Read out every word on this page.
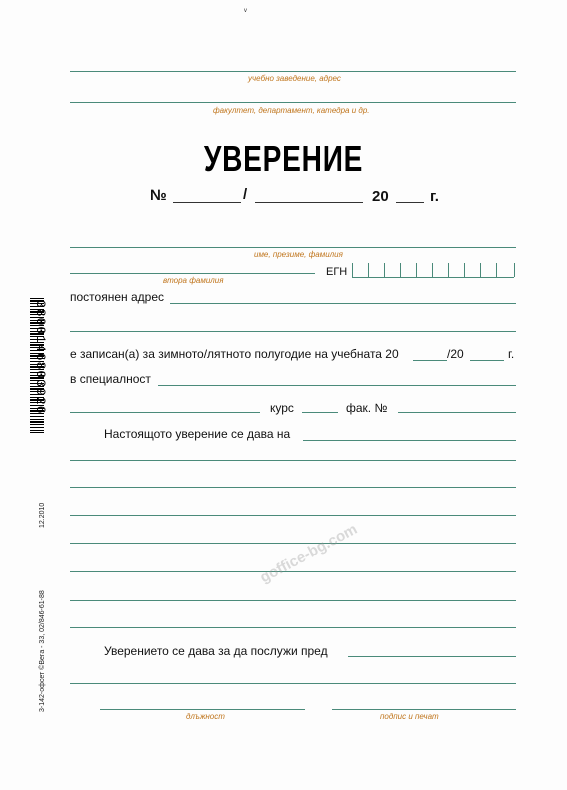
ᵛ
учебно заведение, адрес
факултет, департамент, катедра и др.
УВЕРЕНИЕ
№	/	20	г.
име, презиме, фамилия
втора фамилия
ЕГН
постоянен адрес
е записан(а) за зимното/лятното полугодие на учебната 20	/20	г.
в специалност
курс	фак. №
Настоящото уверение се дава на
Уверението се дава за да послужи пред
длъжност	подпис и печат
3800146803926
12.2010
3-142-офсет ©Вега - 33, 02/846-61-88
goffice-bg.com
